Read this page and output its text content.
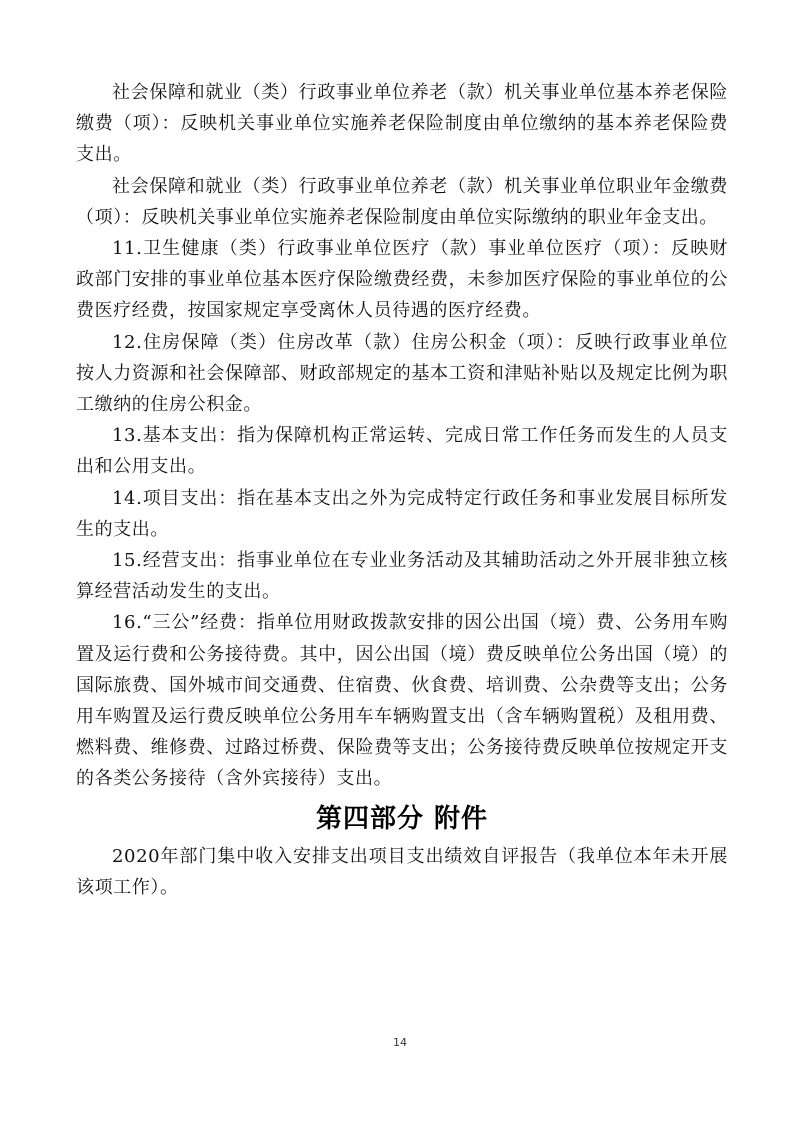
社会保障和就业（类）行政事业单位养老（款）机关事业单位基本养老保险缴费（项）：反映机关事业单位实施养老保险制度由单位缴纳的基本养老保险费支出。

社会保障和就业（类）行政事业单位养老（款）机关事业单位职业年金缴费（项）：反映机关事业单位实施养老保险制度由单位实际缴纳的职业年金支出。

11.卫生健康（类）行政事业单位医疗（款）事业单位医疗（项）：反映财政部门安排的事业单位基本医疗保险缴费经费，未参加医疗保险的事业单位的公费医疗经费，按国家规定享受离休人员待遇的医疗经费。

12.住房保障（类）住房改革（款）住房公积金（项）：反映行政事业单位按人力资源和社会保障部、财政部规定的基本工资和津贴补贴以及规定比例为职工缴纳的住房公积金。

13.基本支出：指为保障机构正常运转、完成日常工作任务而发生的人员支出和公用支出。

14.项目支出：指在基本支出之外为完成特定行政任务和事业发展目标所发生的支出。

15.经营支出：指事业单位在专业业务活动及其辅助活动之外开展非独立核算经营活动发生的支出。

16.“三公”经费：指单位用财政拨款安排的因公出国（境）费、公务用车购置及运行费和公务接待费。其中，因公出国（境）费反映单位公务出国（境）的国际旅费、国外城市间交通费、住宿费、伙食费、培训费、公杂费等支出；公务用车购置及运行费反映单位公务用车车辆购置支出（含车辆购置税）及租用费、燃料费、维修费、过路过桥费、保险费等支出；公务接待费反映单位按规定开支的各类公务接待（含外宾接待）支出。

第四部分 附件

2020年部门集中收入安排支出项目支出绩效自评报告（我单位本年未开展该项工作）。

14
